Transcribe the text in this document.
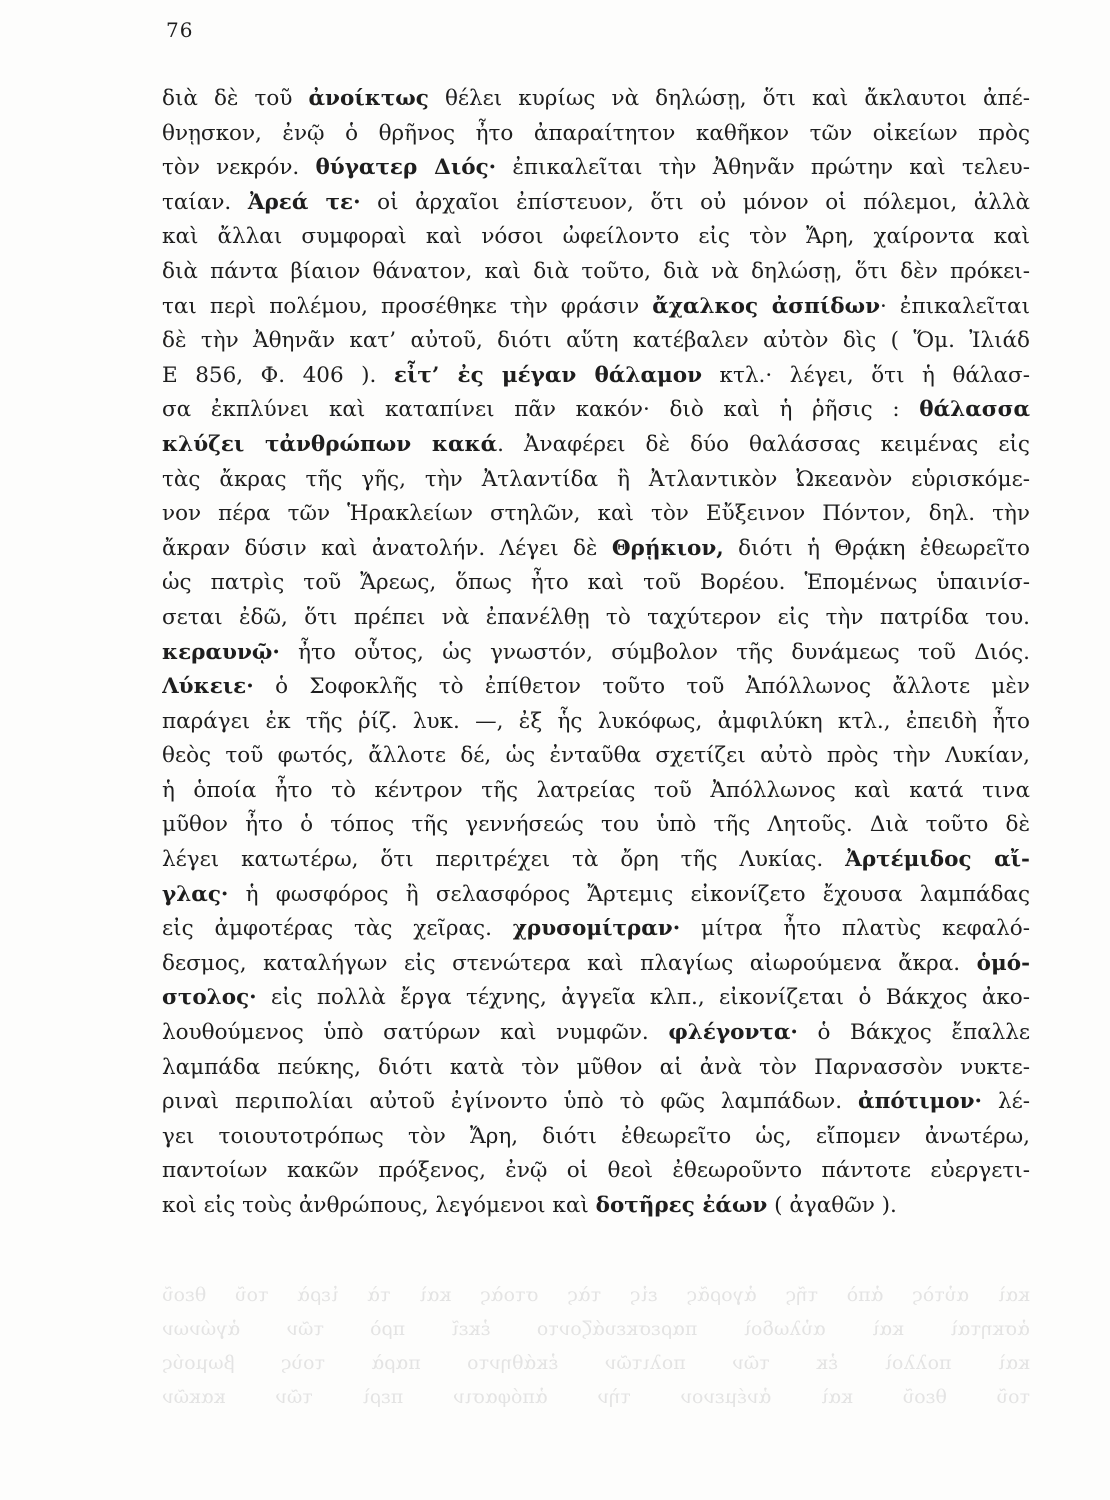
76
διὰ δὲ τοῦ ἀνοίκτως θέλει κυρίως νὰ δηλώσῃ, ὅτι καὶ ἄκλαυτοι ἀπέ-
θνῃσκον, ἐνῷ ὁ θρῆνος ἦτο ἀπαραίτητον καθῆκον τῶν οἰκείων πρὸς
τὸν νεκρόν. θύγατερ Διός· ἐπικαλεῖται τὴν Ἀθηνᾶν πρώτην καὶ τελευ-
ταίαν. Ἀρεά τε· οἱ ἀρχαῖοι ἐπίστευον, ὅτι οὐ μόνον οἱ πόλεμοι, ἀλλὰ
καὶ ἄλλαι συμφοραὶ καὶ νόσοι ὠφείλοντο εἰς τὸν Ἄρη, χαίροντα καὶ
διὰ πάντα βίαιον θάνατον, καὶ διὰ τοῦτο, διὰ νὰ δηλώσῃ, ὅτι δὲν πρόκει-
ται περὶ πολέμου, προσέθηκε τὴν φράσιν ἄχαλκος ἀσπίδων· ἐπικαλεῖται
δὲ τὴν Ἀθηνᾶν κατ’ αὐτοῦ, διότι αὕτη κατέβαλεν αὐτὸν δὶς ( Ὅμ. Ἰλιάδ
Ε 856, Φ. 406 ). εἶτ’ ἐς μέγαν θάλαμον κτλ.· λέγει, ὅτι ἡ θάλασ-
σα ἐκπλύνει καὶ καταπίνει πᾶν κακόν· διὸ καὶ ἡ ῥῆσις : θάλασσα
κλύζει τἀνθρώπων κακά. Ἀναφέρει δὲ δύο θαλάσσας κειμένας εἰς
τὰς ἄκρας τῆς γῆς, τὴν Ἀτλαντίδα ἢ Ἀτλαντικὸν Ὠκεανὸν εὑρισκόμε-
νον πέρα τῶν Ἡρακλείων στηλῶν, καὶ τὸν Εὔξεινον Πόντον, δηλ. τὴν
ἄκραν δύσιν καὶ ἀνατολήν. Λέγει δὲ Θρῄκιον, διότι ἡ Θρᾴκη ἐθεωρεῖτο
ὡς πατρὶς τοῦ Ἄρεως, ὅπως ἦτο καὶ τοῦ Βορέου. Ἑπομένως ὑπαινίσ-
σεται ἐδῶ, ὅτι πρέπει νὰ ἐπανέλθῃ τὸ ταχύτερον εἰς τὴν πατρίδα του.
κεραυνῷ· ἦτο οὗτος, ὡς γνωστόν, σύμβολον τῆς δυνάμεως τοῦ Διός.
Λύκειε· ὁ Σοφοκλῆς τὸ ἐπίθετον τοῦτο τοῦ Ἀπόλλωνος ἄλλοτε μὲν
παράγει ἐκ τῆς ῥίζ. λυκ. —, ἐξ ἧς λυκόφως, ἀμφιλύκη κτλ., ἐπειδὴ ἦτο
θεὸς τοῦ φωτός, ἄλλοτε δέ, ὡς ἐνταῦθα σχετίζει αὐτὸ πρὸς τὴν Λυκίαν,
ἡ ὁποία ἦτο τὸ κέντρον τῆς λατρείας τοῦ Ἀπόλλωνος καὶ κατά τινα
μῦθον ἦτο ὁ τόπος τῆς γεννήσεώς του ὑπὸ τῆς Λητοῦς. Διὰ τοῦτο δὲ
λέγει κατωτέρω, ὅτι περιτρέχει τὰ ὄρη τῆς Λυκίας. Ἀρτέμιδος αἴ-
γλας· ἡ φωσφόρος ἢ σελασφόρος Ἄρτεμις εἰκονίζετο ἔχουσα λαμπάδας
εἰς ἀμφοτέρας τὰς χεῖρας. χρυσομίτραν· μίτρα ἦτο πλατὺς κεφαλό-
δεσμος, καταλήγων εἰς στενώτερα καὶ πλαγίως αἰωρούμενα ἄκρα. ὁμό-
στολος· εἰς πολλὰ ἔργα τέχνης, ἀγγεῖα κλπ., εἰκονίζεται ὁ Βάκχος ἀκο-
λουθούμενος ὑπὸ σατύρων καὶ νυμφῶν. φλέγοντα· ὁ Βάκχος ἔπαλλε
λαμπάδα πεύκης, διότι κατὰ τὸν μῦθον αἱ ἀνὰ τὸν Παρνασσὸν νυκτε-
ριναὶ περιπολίαι αὐτοῦ ἐγίνοντο ὑπὸ τὸ φῶς λαμπάδων. ἀπότιμον· λέ-
γει τοιουτοτρόπως τὸν Ἄρη, διότι ἐθεωρεῖτο ὡς, εἴπομεν ἀνωτέρω,
παντοίων κακῶν πρόξενος, ἐνῷ οἱ θεοὶ ἐθεωροῦντο πάντοτε εὐεργετι-
κοὶ εἰς τοὺς ἀνθρώπους, λεγόμενοι καὶ δοτῆρες ἐάων ( ἀγαθῶν ).
καὶ αὐτὸς ἀπὸ τῆς ἀγορᾶς εἰς τὰς στοὰς καὶ τὰ ἱερὰ τοῦ θεοῦ
ἀσκηταὶ καὶ αὐλωδοὶ παρεσκευάζοντο ἐκεῖ πρὸ τῶν ἀγώνων
καὶ πολλοὶ ἐκ τῶν πολιτῶν ἐκάθηντο παρὰ τοὺς βωμούς
τοῦ θεοῦ καὶ ἀνέμενον τὴν ἀπόφασιν περὶ τῶν κακῶν
